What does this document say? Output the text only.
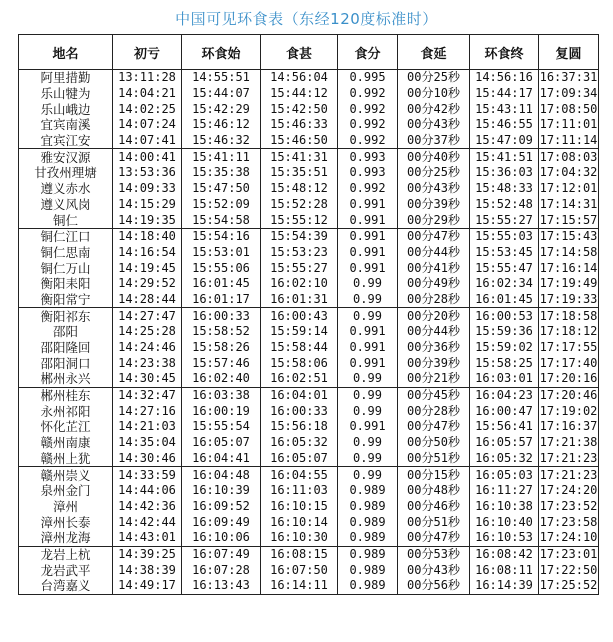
中国可见环食表（东经120度标准时）
地名	初亏	环食始	食甚	食分	食延	环食终	复圆
阿里措勤	13:11:28	14:55:51	14:56:04	0.995	00分25秒	14:56:16	16:37:31
乐山犍为	14:04:21	15:44:07	15:44:12	0.992	00分10秒	15:44:17	17:09:34
乐山峨边	14:02:25	15:42:29	15:42:50	0.992	00分42秒	15:43:11	17:08:50
宜宾南溪	14:07:24	15:46:12	15:46:33	0.992	00分43秒	15:46:55	17:11:01
宜宾江安	14:07:41	15:46:32	15:46:50	0.992	00分37秒	15:47:09	17:11:14
雅安汉源	14:00:41	15:41:11	15:41:31	0.993	00分40秒	15:41:51	17:08:03
甘孜州理塘	13:53:36	15:35:38	15:35:51	0.993	00分25秒	15:36:03	17:04:32
遵义赤水	14:09:33	15:47:50	15:48:12	0.992	00分43秒	15:48:33	17:12:01
遵义风岗	14:15:29	15:52:09	15:52:28	0.991	00分39秒	15:52:48	17:14:31
铜仁	14:19:35	15:54:58	15:55:12	0.991	00分29秒	15:55:27	17:15:57
铜仁江口	14:18:40	15:54:16	15:54:39	0.991	00分47秒	15:55:03	17:15:43
铜仁思南	14:16:54	15:53:01	15:53:23	0.991	00分44秒	15:53:45	17:14:58
铜仁万山	14:19:45	15:55:06	15:55:27	0.991	00分41秒	15:55:47	17:16:14
衡阳耒阳	14:29:52	16:01:45	16:02:10	0.99	00分49秒	16:02:34	17:19:49
衡阳常宁	14:28:44	16:01:17	16:01:31	0.99	00分28秒	16:01:45	17:19:33
衡阳祁东	14:27:47	16:00:33	16:00:43	0.99	00分20秒	16:00:53	17:18:58
邵阳	14:25:28	15:58:52	15:59:14	0.991	00分44秒	15:59:36	17:18:12
邵阳隆回	14:24:46	15:58:26	15:58:44	0.991	00分36秒	15:59:02	17:17:55
邵阳洞口	14:23:38	15:57:46	15:58:06	0.991	00分39秒	15:58:25	17:17:40
郴州永兴	14:30:45	16:02:40	16:02:51	0.99	00分21秒	16:03:01	17:20:16
郴州桂东	14:32:47	16:03:38	16:04:01	0.99	00分45秒	16:04:23	17:20:46
永州祁阳	14:27:16	16:00:19	16:00:33	0.99	00分28秒	16:00:47	17:19:02
怀化芷江	14:21:03	15:55:54	15:56:18	0.991	00分47秒	15:56:41	17:16:37
赣州南康	14:35:04	16:05:07	16:05:32	0.99	00分50秒	16:05:57	17:21:38
赣州上犹	14:30:46	16:04:41	16:05:07	0.99	00分51秒	16:05:32	17:21:23
赣州崇义	14:33:59	16:04:48	16:04:55	0.99	00分15秒	16:05:03	17:21:23
泉州金门	14:44:06	16:10:39	16:11:03	0.989	00分48秒	16:11:27	17:24:20
漳州	14:42:36	16:09:52	16:10:15	0.989	00分46秒	16:10:38	17:23:52
漳州长泰	14:42:44	16:09:49	16:10:14	0.989	00分51秒	16:10:40	17:23:58
漳州龙海	14:43:01	16:10:06	16:10:30	0.989	00分47秒	16:10:53	17:24:10
龙岩上杭	14:39:25	16:07:49	16:08:15	0.989	00分53秒	16:08:42	17:23:01
龙岩武平	14:38:39	16:07:28	16:07:50	0.989	00分43秒	16:08:11	17:22:50
台湾嘉义	14:49:17	16:13:43	16:14:11	0.989	00分56秒	16:14:39	17:25:52
